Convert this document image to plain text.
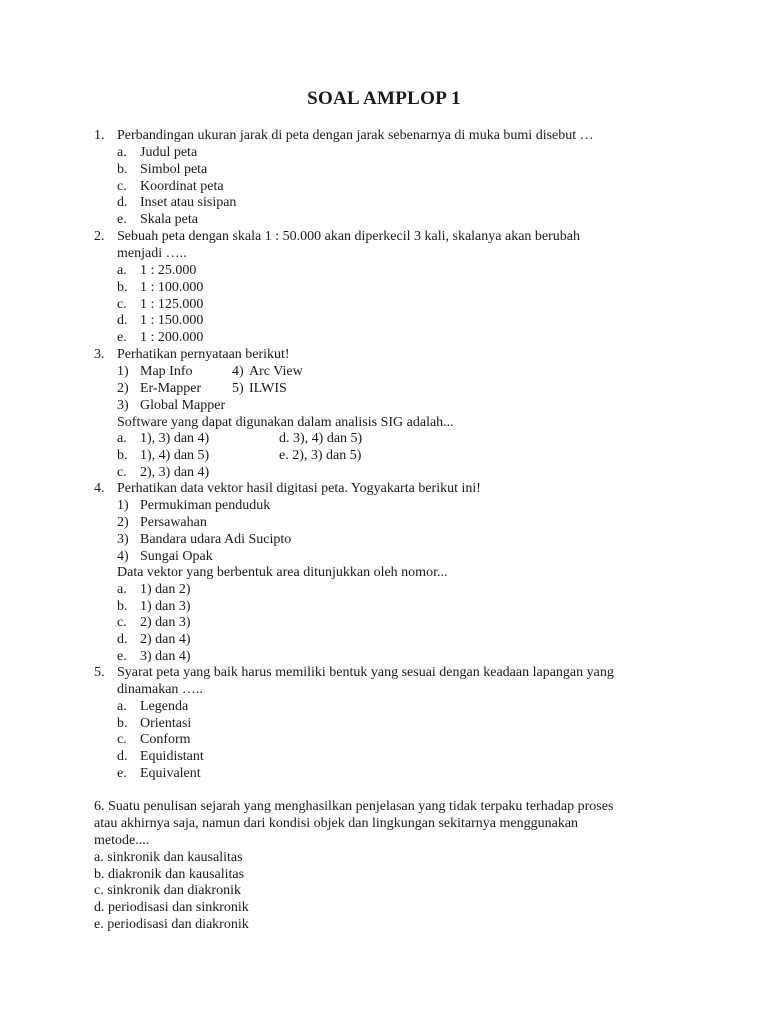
SOAL AMPLOP 1
1. Perbandingan ukuran jarak di peta dengan jarak sebenarnya di muka bumi disebut …
a. Judul peta
b. Simbol peta
c. Koordinat peta
d. Inset atau sisipan
e. Skala peta
2. Sebuah peta dengan skala 1 : 50.000 akan diperkecil 3 kali, skalanya akan berubah
menjadi …..
a. 1 : 25.000
b. 1 : 100.000
c. 1 : 125.000
d. 1 : 150.000
e. 1 : 200.000
3. Perhatikan pernyataan berikut!
1) Map Info	4) Arc View
2) Er-Mapper 5) ILWIS
3) Global Mapper
Software yang dapat digunakan dalam analisis SIG adalah...
a. 1), 3) dan 4)	d. 3), 4) dan 5)
b. 1), 4) dan 5)	e. 2), 3) dan 5)
c. 2), 3) dan 4)
4. Perhatikan data vektor hasil digitasi peta. Yogyakarta berikut ini!
1) Permukiman penduduk
2) Persawahan
3) Bandara udara Adi Sucipto
4) Sungai Opak
Data vektor yang berbentuk area ditunjukkan oleh nomor...
a. 1) dan 2)
b. 1) dan 3)
c. 2) dan 3)
d. 2) dan 4)
e. 3) dan 4)
5. Syarat peta yang baik harus memiliki bentuk yang sesuai dengan keadaan lapangan yang
dinamakan …..
a. Legenda
b. Orientasi
c. Conform
d. Equidistant
e. Equivalent
6. Suatu penulisan sejarah yang menghasilkan penjelasan yang tidak terpaku terhadap proses
atau akhirnya saja, namun dari kondisi objek dan lingkungan sekitarnya menggunakan
metode....
a. sinkronik dan kausalitas
b. diakronik dan kausalitas
c. sinkronik dan diakronik
d. periodisasi dan sinkronik
e. periodisasi dan diakronik
